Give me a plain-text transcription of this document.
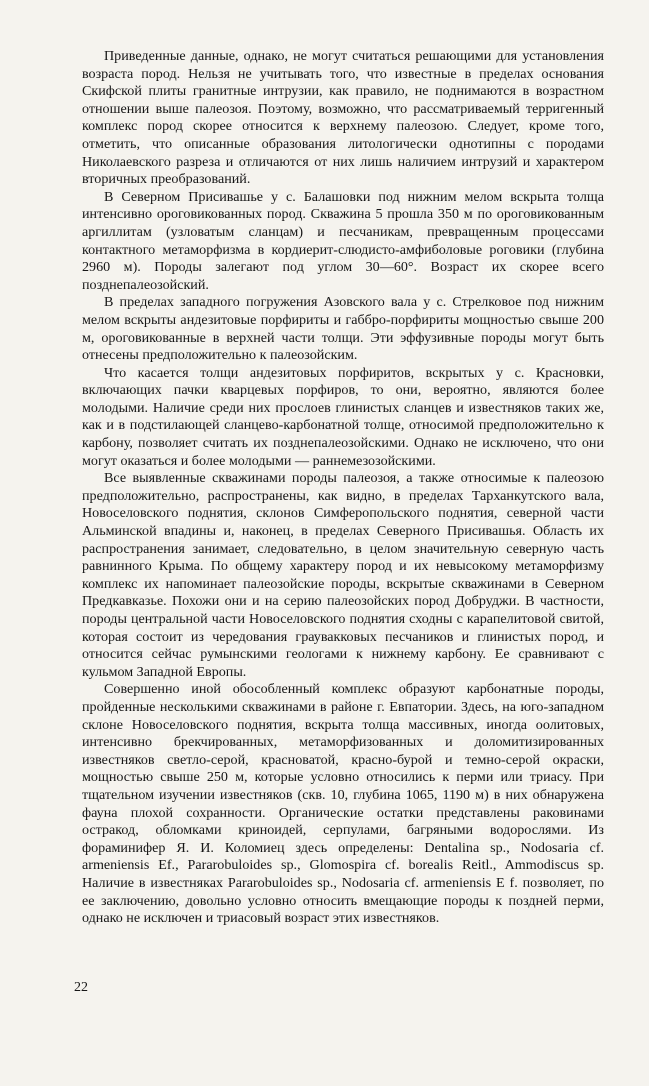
Приведенные данные, однако, не могут считаться решающими для установления возраста пород. Нельзя не учитывать того, что известные в пределах основания Скифской плиты гранитные интрузии, как правило, не поднимаются в возрастном отношении выше палеозоя. Поэтому, возможно, что рассматриваемый терригенный комплекс пород скорее относится к верхнему палеозою. Следует, кроме того, отметить, что описанные образования литологически однотипны с породами Николаевского разреза и отличаются от них лишь наличием интрузий и характером вторичных преобразований.

В Северном Присивашье у с. Балашовки под нижним мелом вскрыта толща интенсивно ороговикованных пород. Скважина 5 прошла 350 м по ороговикованным аргиллитам (узловатым сланцам) и песчаникам, превращенным процессами контактного метаморфизма в кордиерит-слюдисто-амфиболовые роговики (глубина 2960 м). Породы залегают под углом 30—60°. Возраст их скорее всего позднепалеозойский.

В пределах западного погружения Азовского вала у с. Стрелковое под нижним мелом вскрыты андезитовые порфириты и габбро-порфириты мощностью свыше 200 м, ороговикованные в верхней части толщи. Эти эффузивные породы могут быть отнесены предположительно к палеозойским.

Что касается толщи андезитовых порфиритов, вскрытых у с. Красновки, включающих пачки кварцевых порфиров, то они, вероятно, являются более молодыми. Наличие среди них прослоев глинистых сланцев и известняков таких же, как и в подстилающей сланцево-карбонатной толще, относимой предположительно к карбону, позволяет считать их позднепалеозойскими. Однако не исключено, что они могут оказаться и более молодыми — раннемезозойскими.

Все выявленные скважинами породы палеозоя, а также относимые к палеозою предположительно, распространены, как видно, в пределах Тарханкутского вала, Новоселовского поднятия, склонов Симферопольского поднятия, северной части Альминской впадины и, наконец, в пределах Северного Присивашья. Область их распространения занимает, следовательно, в целом значительную северную часть равнинного Крыма. По общему характеру пород и их невысокому метаморфизму комплекс их напоминает палеозойские породы, вскрытые скважинами в Северном Предкавказье. Похожи они и на серию палеозойских пород Добруджи. В частности, породы центральной части Новоселовского поднятия сходны с карапелитовой свитой, которая состоит из чередования граувакковых песчаников и глинистых пород, и относится сейчас румынскими геологами к нижнему карбону. Ее сравнивают с кульмом Западной Европы.

Совершенно иной обособленный комплекс образуют карбонатные породы, пройденные несколькими скважинами в районе г. Евпатории. Здесь, на юго-западном склоне Новоселовского поднятия, вскрыта толща массивных, иногда оолитовых, интенсивно брекчированных, метаморфизованных и доломитизированных известняков светло-серой, красноватой, красно-бурой и темно-серой окраски, мощностью свыше 250 м, которые условно относились к перми или триасу. При тщательном изучении известняков (скв. 10, глубина 1065, 1190 м) в них обнаружена фауна плохой сохранности. Органические остатки представлены раковинами остракод, обломками криноидей, серпулами, багряными водорослями. Из фораминифер Я. И. Коломиец здесь определены: Dentalina sp., Nodosaria cf. armeniensis Ef., Pararobuloides sp., Glomospira cf. borealis Reitl., Ammodiscus sp. Наличие в известняках Pararobuloides sp., Nodosaria cf. armeniensis E f. позволяет, по ее заключению, довольно условно относить вмещающие породы к поздней перми, однако не исключен и триасовый возраст этих известняков.

22
